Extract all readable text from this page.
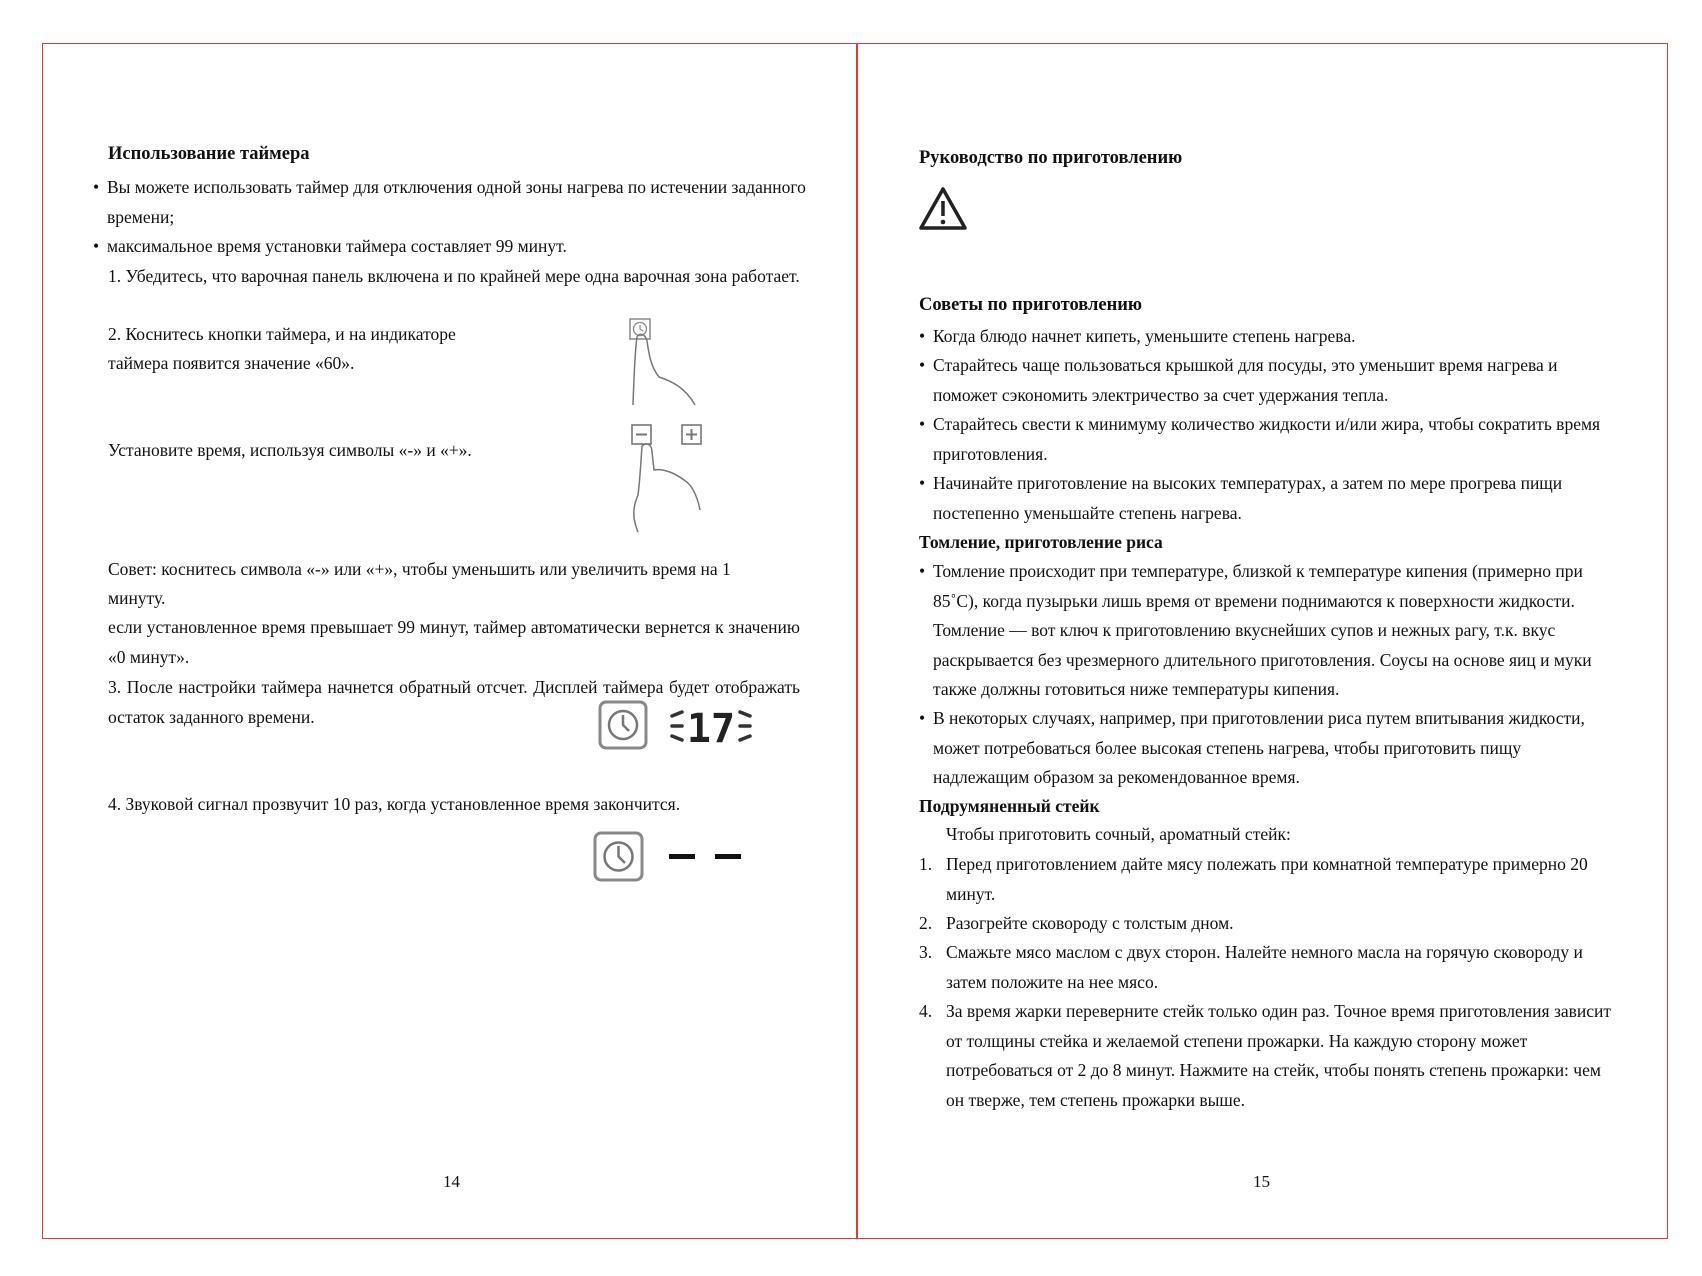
Использование таймера
• Вы можете использовать таймер для отключения одной зоны нагрева по истечении заданного времени;
• максимальное время установки таймера составляет 99 минут.
1. Убедитесь, что варочная панель включена и по крайней мере одна варочная зона работает.
2. Коснитесь кнопки таймера, и на индикаторе
таймера появится значение «60».
Установите время, используя символы «-» и «+».
Совет: коснитесь символа «-» или «+», чтобы уменьшить или увеличить время на 1
минуту.
если установленное время превышает 99 минут, таймер автоматически вернется к значению «0 минут».
3. После настройки таймера начнется обратный отсчет. Дисплей таймера будет отображать остаток заданного времени.
4. Звуковой сигнал прозвучит 10 раз, когда установленное время закончится.
14
17
Руководство по приготовлению
Советы по приготовлению
• Когда блюдо начнет кипеть, уменьшите степень нагрева.
• Старайтесь чаще пользоваться крышкой для посуды, это уменьшит время нагрева и поможет сэкономить электричество за счет удержания тепла.
• Старайтесь свести к минимуму количество жидкости и/или жира, чтобы сократить время приготовления.
• Начинайте приготовление на высоких температурах, а затем по мере прогрева пищи постепенно уменьшайте степень нагрева.
Томление, приготовление риса
• Томление происходит при температуре, близкой к температуре кипения (примерно при 85˚С), когда пузырьки лишь время от времени поднимаются к поверхности жидкости. Томление — вот ключ к приготовлению вкуснейших супов и нежных рагу, т.к. вкус раскрывается без чрезмерного длительного приготовления. Соусы на основе яиц и муки также должны готовиться ниже температуры кипения.
• В некоторых случаях, например, при приготовлении риса путем впитывания жидкости, может потребоваться более высокая степень нагрева, чтобы приготовить пищу надлежащим образом за рекомендованное время.
Подрумяненный стейк
Чтобы приготовить сочный, ароматный стейк:
1. Перед приготовлением дайте мясу полежать при комнатной температуре примерно 20 минут.
2. Разогрейте сковороду с толстым дном.
3. Смажьте мясо маслом с двух сторон. Налейте немного масла на горячую сковороду и затем положите на нее мясо.
4. За время жарки переверните стейк только один раз. Точное время приготовления зависит от толщины стейка и желаемой степени прожарки. На каждую сторону может потребоваться от 2 до 8 минут. Нажмите на стейк, чтобы понять степень прожарки: чем он тверже, тем степень прожарки выше.
15
